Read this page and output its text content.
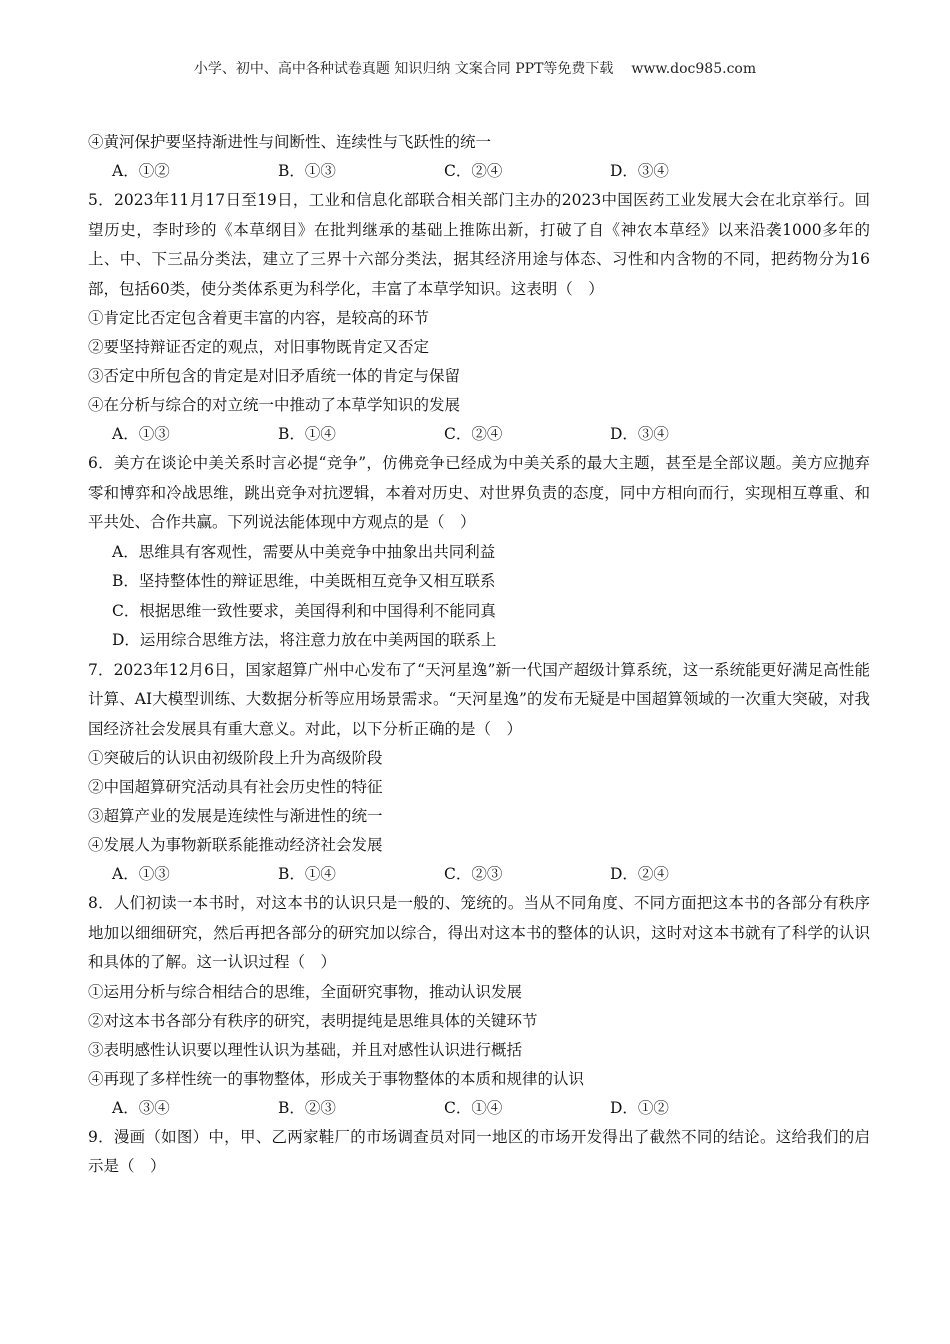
小学、初中、高中各种试卷真题 知识归纳 文案合同 PPT等免费下载 www.doc985.com
④黄河保护要坚持渐进性与间断性、连续性与飞跃性的统一
A．①②	B．①③	C．②④	D．③④
5．2023年11月17日至19日，工业和信息化部联合相关部门主办的2023中国医药工业发展大会在北京举行。回望历史，李时珍的《本草纲目》在批判继承的基础上推陈出新，打破了自《神农本草经》以来沿袭1000多年的上、中、下三品分类法，建立了三界十六部分类法，据其经济用途与体态、习性和内含物的不同，把药物分为16部，包括60类，使分类体系更为科学化，丰富了本草学知识。这表明（　）
①肯定比否定包含着更丰富的内容，是较高的环节
②要坚持辩证否定的观点，对旧事物既肯定又否定
③否定中所包含的肯定是对旧矛盾统一体的肯定与保留
④在分析与综合的对立统一中推动了本草学知识的发展
A．①③	B．①④	C．②④	D．③④
6．美方在谈论中美关系时言必提“竞争”，仿佛竞争已经成为中美关系的最大主题，甚至是全部议题。美方应抛弃零和博弈和冷战思维，跳出竞争对抗逻辑，本着对历史、对世界负责的态度，同中方相向而行，实现相互尊重、和平共处、合作共赢。下列说法能体现中方观点的是（　）
A．思维具有客观性，需要从中美竞争中抽象出共同利益
B．坚持整体性的辩证思维，中美既相互竞争又相互联系
C．根据思维一致性要求，美国得利和中国得利不能同真
D．运用综合思维方法，将注意力放在中美两国的联系上
7．2023年12月6日，国家超算广州中心发布了“天河星逸”新一代国产超级计算系统，这一系统能更好满足高性能计算、AI大模型训练、大数据分析等应用场景需求。“天河星逸”的发布无疑是中国超算领域的一次重大突破，对我国经济社会发展具有重大意义。对此，以下分析正确的是（　）
①突破后的认识由初级阶段上升为高级阶段
②中国超算研究活动具有社会历史性的特征
③超算产业的发展是连续性与渐进性的统一
④发展人为事物新联系能推动经济社会发展
A．①③	B．①④	C．②③	D．②④
8．人们初读一本书时，对这本书的认识只是一般的、笼统的。当从不同角度、不同方面把这本书的各部分有秩序地加以细细研究，然后再把各部分的研究加以综合，得出对这本书的整体的认识，这时对这本书就有了科学的认识和具体的了解。这一认识过程（　）
①运用分析与综合相结合的思维，全面研究事物，推动认识发展
②对这本书各部分有秩序的研究，表明提纯是思维具体的关键环节
③表明感性认识要以理性认识为基础，并且对感性认识进行概括
④再现了多样性统一的事物整体，形成关于事物整体的本质和规律的认识
A．③④	B．②③	C．①④	D．①②
9．漫画（如图）中，甲、乙两家鞋厂的市场调查员对同一地区的市场开发得出了截然不同的结论。这给我们的启示是（　）
